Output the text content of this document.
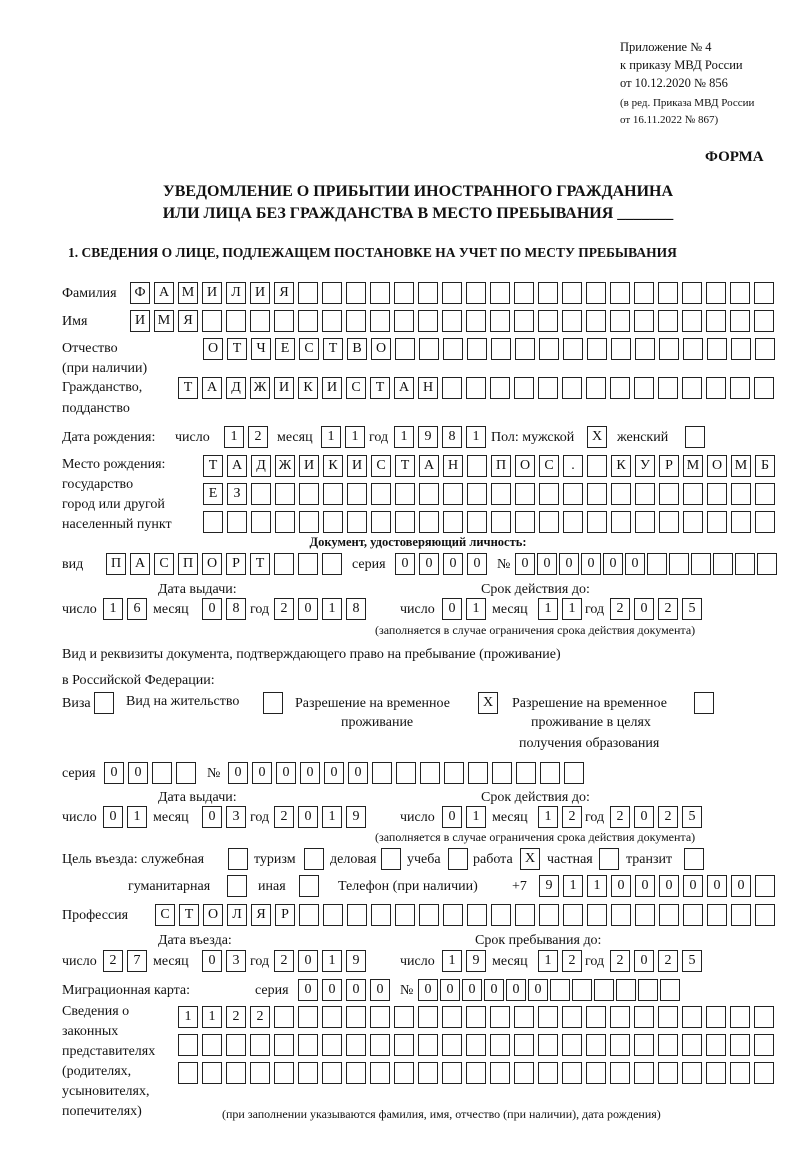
Приложение № 4
к приказу МВД России
от 10.12.2020 № 856
(в ред. Приказа МВД России
от 16.11.2022 № 867)
ФОРМА
УВЕДОМЛЕНИЕ О ПРИБЫТИИ ИНОСТРАННОГО ГРАЖДАНИНА
ИЛИ ЛИЦА БЕЗ ГРАЖДАНСТВА В МЕСТО ПРЕБЫВАНИЯ _______
1. СВЕДЕНИЯ О ЛИЦЕ, ПОДЛЕЖАЩЕМ ПОСТАНОВКЕ НА УЧЕТ ПО МЕСТУ ПРЕБЫВАНИЯ
Фамилия	Ф А М И	Л	И	Я
Имя	И М Я
Отчество
(при наличии)
О	Т	Ч	Е	С	Т	В	О
Гражданство,
подданство
Т	А	Д Ж И	К	И	С	Т	А Н
Дата рождения: число	1	2	месяц	1	1 год 1	9	8	1 Пол: мужской	X	женский
Место рождения:
государство
город или другой
населенный пункт
Т	А	Д Ж И	К	И	С	Т	А Н	П О	С	.	К	У	Р М О М Б
Е	З
Документ, удостоверяющий личность:
вид	П А	С	П О	Р	Т	серия	0	0	0	0	№ 0	0	0	0	0	0
Дата выдачи:	Срок действия до:
число 1	6 месяц	0	8 год 2	0	1	8	число 0	1 месяц	1	1 год 2	0	2	5
(заполняется в случае ограничения срока действия документа)
Вид и реквизиты документа, подтверждающего право на пребывание (проживание)
в Российской Федерации:
Виза	Вид на жительство	Разрешение на временное
проживание
X	Разрешение на временное
проживание в целях
получения образования
серия	0	0	№	0	0	0	0	0	0
Дата выдачи:	Срок действия до:
число 0	1 месяц	0	3 год 2	0	1	9	число 0	1 месяц	1	2 год 2	0	2	5
(заполняется в случае ограничения срока действия документа)
Цель въезда: служебная	туризм деловая учеба работа X частная транзит
гуманитарная	иная	Телефон (при наличии) +7	9	1	1	0	0	0	0	0	0
Профессия	С	Т	О	Л	Я	Р
Дата въезда:	Срок пребывания до:
число 2	7 месяц	0	3 год 2	0	1	9	число 1	9 месяц	1	2 год 2	0	2	5
Миграционная карта:	серия	0	0	0	0	№ 0	0	0	0	0	0
Сведения о
законных
представителях
(родителях,
усыновителях,
попечителях)
1	1	2	2
(при заполнении указываются фамилия, имя, отчество (при наличии), дата рождения)
